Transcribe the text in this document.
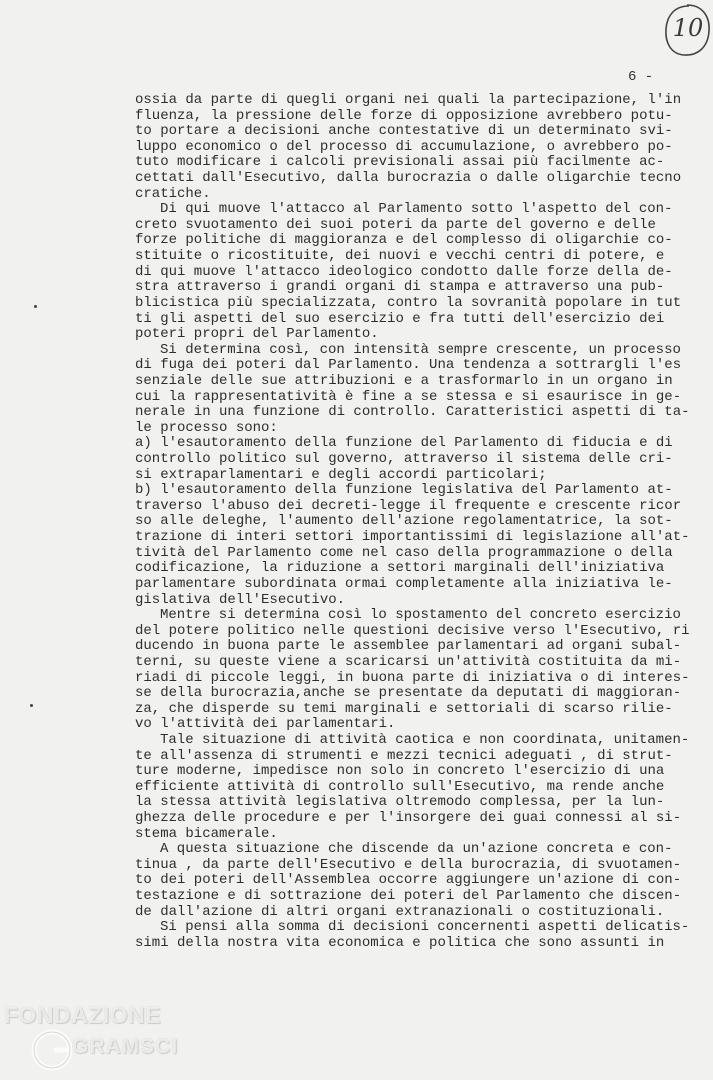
10
6 -
ossia da parte di quegli organi nei quali la partecipazione, l'in
fluenza, la pressione delle forze di opposizione avrebbero potu-
to portare a decisioni anche contestative di un determinato svi-
luppo economico o del processo di accumulazione, o avrebbero po-
tuto modificare i calcoli previsionali assai più facilmente ac-
cettati dall'Esecutivo, dalla burocrazia o dalle oligarchie tecno
cratiche.
Di qui muove l'attacco al Parlamento sotto l'aspetto del con-
creto svuotamento dei suoi poteri da parte del governo e delle
forze politiche di maggioranza e del complesso di oligarchie co-
stituite o ricostituite, dei nuovi e vecchi centri di potere, e
di qui muove l'attacco ideologico condotto dalle forze della de-
stra attraverso i grandi organi di stampa e attraverso una pub-
blicistica più specializzata, contro la sovranità popolare in tut
ti gli aspetti del suo esercizio e fra tutti dell'esercizio dei
poteri propri del Parlamento.
Si determina così, con intensità sempre crescente, un processo
di fuga dei poteri dal Parlamento. Una tendenza a sottrargli l'es
senziale delle sue attribuzioni e a trasformarlo in un organo in
cui la rappresentatività è fine a se stessa e si esaurisce in ge-
nerale in una funzione di controllo. Caratteristici aspetti di ta-
le processo sono:
a) l'esautoramento della funzione del Parlamento di fiducia e di
controllo politico sul governo, attraverso il sistema delle cri-
si extraparlamentari e degli accordi particolari;
b) l'esautoramento della funzione legislativa del Parlamento at-
traverso l'abuso dei decreti-legge il frequente e crescente ricor
so alle deleghe, l'aumento dell'azione regolamentatrice, la sot-
trazione di interi settori importantissimi di legislazione all'at-
tività del Parlamento come nel caso della programmazione o della
codificazione, la riduzione a settori marginali dell'iniziativa
parlamentare subordinata ormai completamente alla iniziativa le-
gislativa dell'Esecutivo.
Mentre si determina così lo spostamento del concreto esercizio
del potere politico nelle questioni decisive verso l'Esecutivo, ri
ducendo in buona parte le assemblee parlamentari ad organi subal-
terni, su queste viene a scaricarsi un'attività costituita da mi-
riadi di piccole leggi, in buona parte di iniziativa o di interes-
se della burocrazia,anche se presentate da deputati di maggioran-
za, che disperde su temi marginali e settoriali di scarso rilie-
vo l'attività dei parlamentari.
Tale situazione di attività caotica e non coordinata, unitamen-
te all'assenza di strumenti e mezzi tecnici adeguati , di strut-
ture moderne, impedisce non solo in concreto l'esercizio di una
efficiente attività di controllo sull'Esecutivo, ma rende anche
la stessa attività legislativa oltremodo complessa, per la lun-
ghezza delle procedure e per l'insorgere dei guai connessi al si-
stema bicamerale.
A questa situazione che discende da un'azione concreta e con-
tinua , da parte dell'Esecutivo e della burocrazia, di svuotamen-
to dei poteri dell'Assemblea occorre aggiungere un'azione di con-
testazione e di sottrazione dei poteri del Parlamento che discen-
de dall'azione di altri organi extranazionali o costituzionali.
Si pensi alla somma di decisioni concernenti aspetti delicatis-
simi della nostra vita economica e politica che sono assunti in
FONDAZIONE
GRAMSCI
